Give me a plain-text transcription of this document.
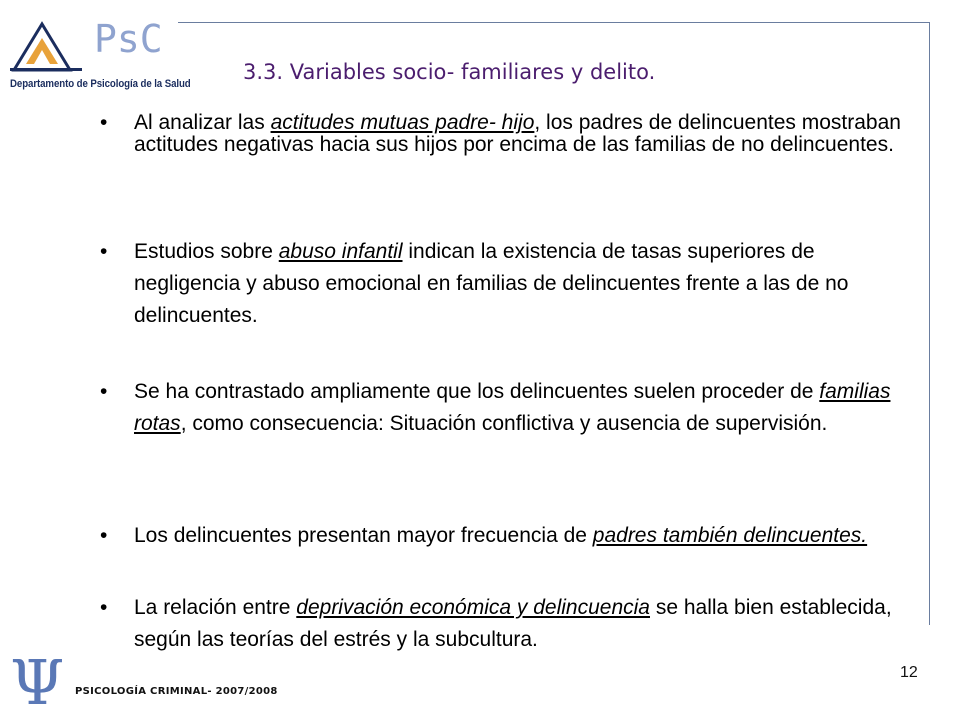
PsC
Departamento de Psicología de la Salud	3.3. Variables socio- familiares y delito.
•	Al analizar las actitudes mutuas padre- hijo, los padres de delincuentes mostraban actitudes negativas hacia sus hijos por encima de las familias de no delincuentes.
•	Estudios sobre abuso infantil indican la existencia de tasas superiores de negligencia y abuso emocional en familias de delincuentes frente a las de no delincuentes.
•	Se ha contrastado ampliamente que los delincuentes suelen proceder de familias rotas, como consecuencia: Situación conflictiva y ausencia de supervisión.
•	Los delincuentes presentan mayor frecuencia de padres también delincuentes.
•	La relación entre deprivación económica y delincuencia se halla bien establecida, según las teorías del estrés y la subcultura.
Ψ PSICOLOGÍA CRIMINAL- 2007/2008
12
